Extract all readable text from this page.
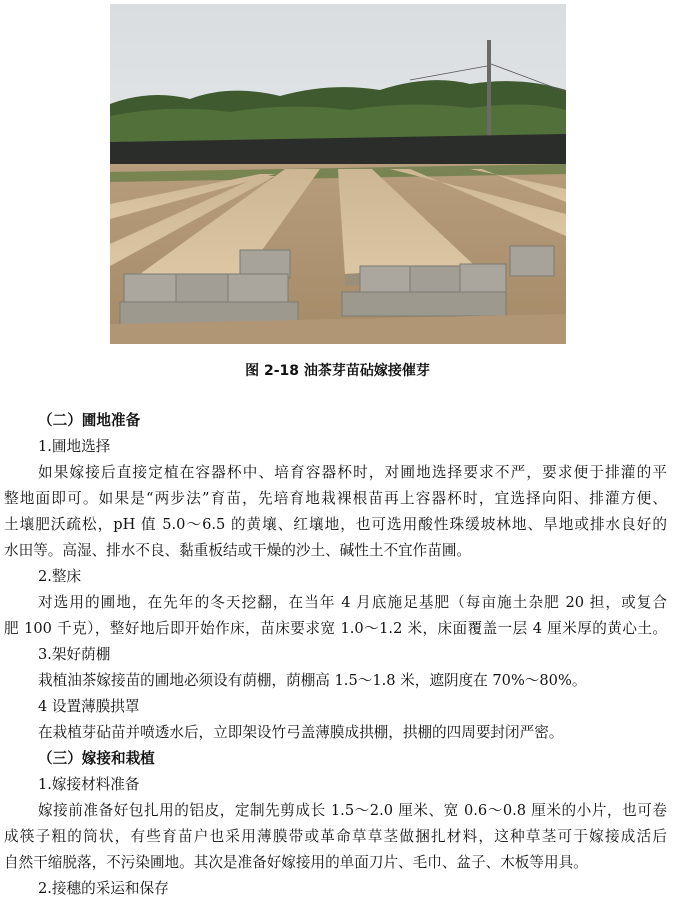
图 2-18 油茶芽苗砧嫁接催芽
（二）圃地准备
1.圃地选择
如果嫁接后直接定植在容器杯中、培育容器杯时，对圃地选择要求不严，要求便于排灌的平
整地面即可。如果是“两步法”育苗，先培育地栽裸根苗再上容器杯时，宜选择向阳、排灌方便、
土壤肥沃疏松，pH 值 5.0～6.5 的黄壤、红壤地，也可选用酸性珠缓坡林地、旱地或排水良好的
水田等。高湿、排水不良、黏重板结或干燥的沙土、碱性土不宜作苗圃。
2.整床
对选用的圃地，在先年的冬天挖翻，在当年 4 月底施足基肥（每亩施土杂肥 20 担，或复合
肥 100 千克），整好地后即开始作床，苗床要求宽 1.0～1.2 米，床面覆盖一层 4 厘米厚的黄心土。
3.架好荫棚
栽植油茶嫁接苗的圃地必须设有荫棚，荫棚高 1.5～1.8 米，遮阴度在 70%～80%。
4 设置薄膜拱罩
在栽植芽砧苗并喷透水后，立即架设竹弓盖薄膜成拱棚，拱棚的四周要封闭严密。
（三）嫁接和栽植
1.嫁接材料准备
嫁接前准备好包扎用的铝皮，定制先剪成长 1.5～2.0 厘米、宽 0.6～0.8 厘米的小片，也可卷
成筷子粗的筒状，有些育苗户也采用薄膜带或革命草草茎做捆扎材料，这种草茎可于嫁接成活后
自然干缩脱落，不污染圃地。其次是准备好嫁接用的单面刀片、毛巾、盆子、木板等用具。
2.接穗的采运和保存
